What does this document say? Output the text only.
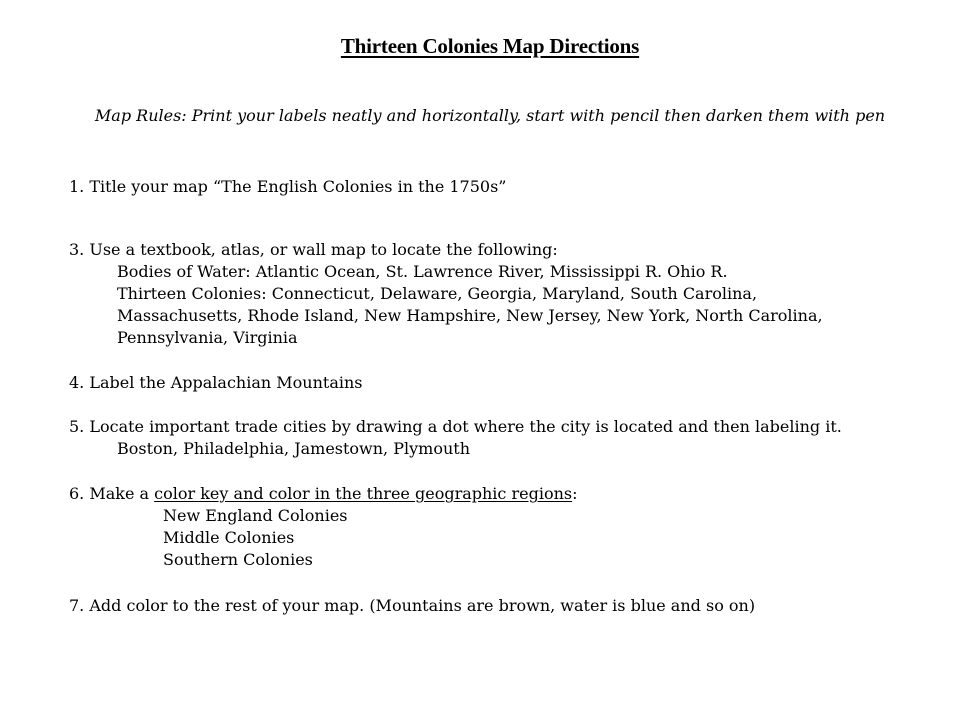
Thirteen Colonies Map Directions
Map Rules: Print your labels neatly and horizontally, start with pencil then darken them with pen
1. Title your map “The English Colonies in the 1750s”
3. Use a textbook, atlas, or wall map to locate the following:
Bodies of Water: Atlantic Ocean, St. Lawrence River, Mississippi R. Ohio R.
Thirteen Colonies: Connecticut, Delaware, Georgia, Maryland, South Carolina,
Massachusetts, Rhode Island, New Hampshire, New Jersey, New York, North Carolina,
Pennsylvania, Virginia
4. Label the Appalachian Mountains
5. Locate important trade cities by drawing a dot where the city is located and then labeling it.
Boston, Philadelphia, Jamestown, Plymouth
6. Make a color key and color in the three geographic regions:
New England Colonies
Middle Colonies
Southern Colonies
7. Add color to the rest of your map. (Mountains are brown, water is blue and so on)
